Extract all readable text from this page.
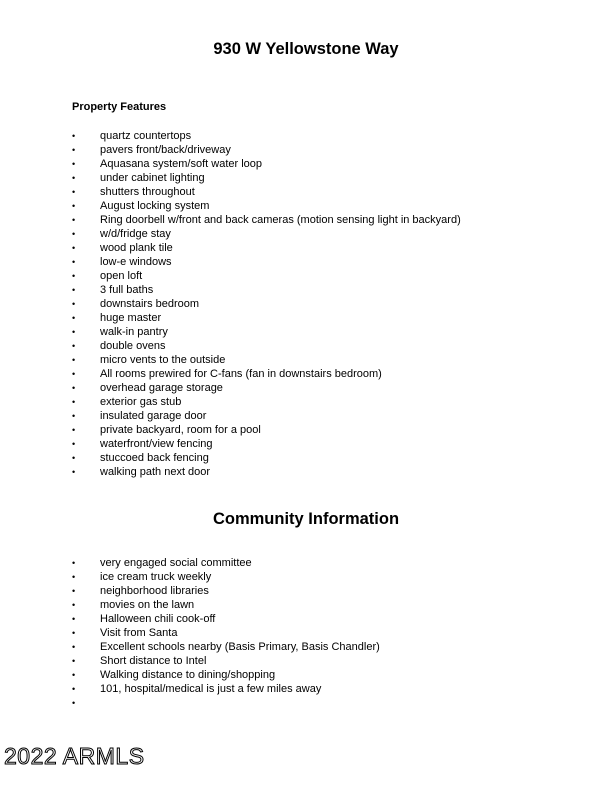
930 W Yellowstone Way
Property Features
• quartz countertops
• pavers front/back/driveway
• Aquasana system/soft water loop
• under cabinet lighting
• shutters throughout
• August locking system
• Ring doorbell w/front and back cameras (motion sensing light in backyard)
• w/d/fridge stay
• wood plank tile
• low-e windows
• open loft
• 3 full baths
• downstairs bedroom
• huge master
• walk-in pantry
• double ovens
• micro vents to the outside
• All rooms prewired for C-fans (fan in downstairs bedroom)
• overhead garage storage
• exterior gas stub
• insulated garage door
• private backyard, room for a pool
• waterfront/view fencing
• stuccoed back fencing
• walking path next door
Community Information
• very engaged social committee
• ice cream truck weekly
• neighborhood libraries
• movies on the lawn
• Halloween chili cook-off
• Visit from Santa
• Excellent schools nearby (Basis Primary, Basis Chandler)
• Short distance to Intel
• Walking distance to dining/shopping
• 101, hospital/medical is just a few miles away
•
2022 ARMLS
